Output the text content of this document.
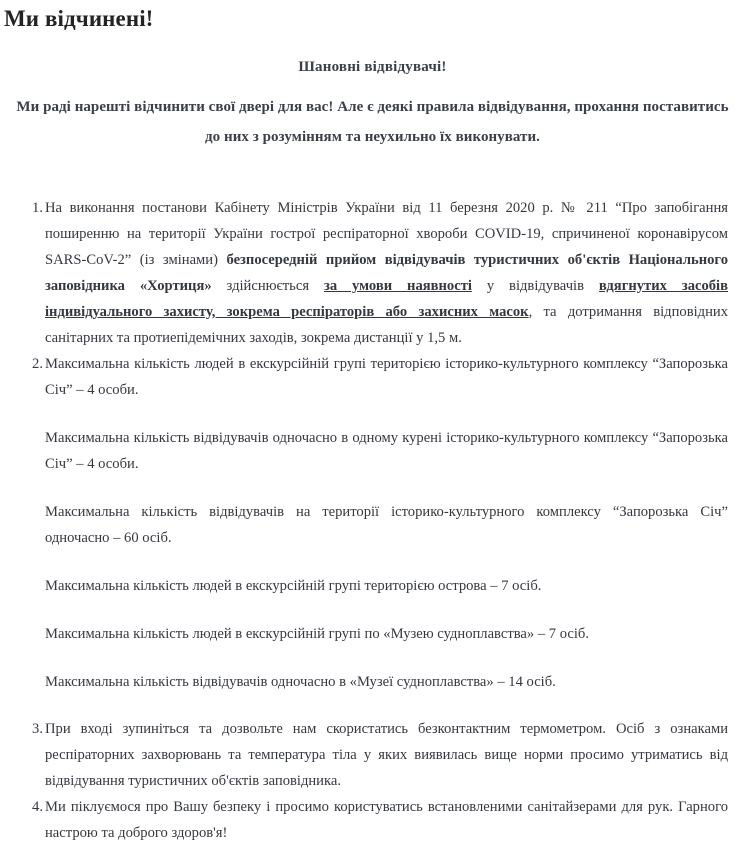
Ми відчинені!

Шановні відвідувачі!

Ми раді нарешті відчинити свої двері для вас! Але є деякі правила відвідування, прохання поставитись до них з розумінням та неухильно їх виконувати.

На виконання постанови Кабінету Міністрів України від 11 березня 2020 р. № 211 “Про запобігання поширенню на території України гострої респіраторної хвороби COVID-19, спричиненої коронавірусом SARS-CoV-2” (із змінами) безпосередній прийом відвідувачів туристичних об'єктів Національного заповідника «Хортиця» здійснюється за умови наявності у відвідувачів вдягнутих засобів індивідуального захисту, зокрема респіраторів або захисних масок, та дотримання відповідних санітарних та протиепідемічних заходів, зокрема дистанції у 1,5 м.
Максимальна кількість людей в екскурсійній групі територією історико-культурного комплексу “Запорозька Січ” – 4 особи.
Максимальна кількість відвідувачів одночасно в одному курені історико-культурного комплексу “Запорозька Січ” – 4 особи.
Максимальна кількість відвідувачів на території історико-культурного комплексу “Запорозька Січ” одночасно – 60 осіб.
Максимальна кількість людей в екскурсійній групі територією острова – 7 осіб.
Максимальна кількість людей в екскурсійній групі по «Музею судноплавства» – 7 осіб.
Максимальна кількість відвідувачів одночасно в «Музеї судноплавства» – 14 осіб.
При вході зупиніться та дозвольте нам скористатись безконтактним термометром. Осіб з ознаками респіраторних захворювань та температура тіла у яких виявилась вище норми просимо утриматись від відвідування туристичних об'єктів заповідника.
Ми піклуємося про Вашу безпеку і просимо користуватись встановленими санітайзерами для рук. Гарного настрою та доброго здоров'я!
